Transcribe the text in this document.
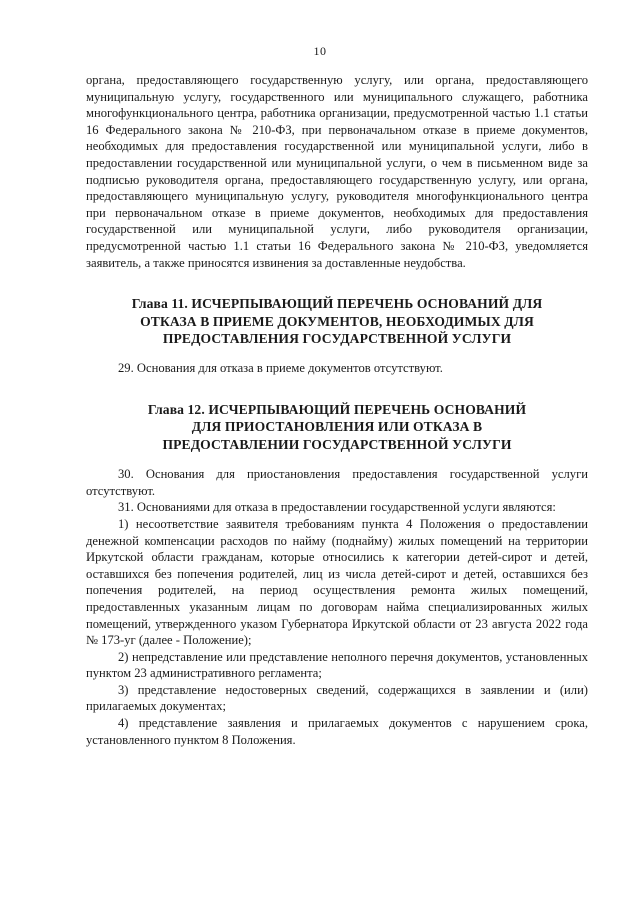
10

органа, предоставляющего государственную услугу, или органа, предоставляющего муниципальную услугу, государственного или муниципального служащего, работника многофункционального центра, работника организации, предусмотренной частью 1.1 статьи 16 Федерального закона № 210-ФЗ, при первоначальном отказе в приеме документов, необходимых для предоставления государственной или муниципальной услуги, либо в предоставлении государственной или муниципальной услуги, о чем в письменном виде за подписью руководителя органа, предоставляющего государственную услугу, или органа, предоставляющего муниципальную услугу, руководителя многофункционального центра при первоначальном отказе в приеме документов, необходимых для предоставления государственной или муниципальной услуги, либо руководителя организации, предусмотренной частью 1.1 статьи 16 Федерального закона № 210-ФЗ, уведомляется заявитель, а также приносятся извинения за доставленные неудобства.

Глава 11. ИСЧЕРПЫВАЮЩИЙ ПЕРЕЧЕНЬ ОСНОВАНИЙ ДЛЯ

ОТКАЗА В ПРИЕМЕ ДОКУМЕНТОВ, НЕОБХОДИМЫХ ДЛЯ

ПРЕДОСТАВЛЕНИЯ ГОСУДАРСТВЕННОЙ УСЛУГИ

29. Основания для отказа в приеме документов отсутствуют.

Глава 12. ИСЧЕРПЫВАЮЩИЙ ПЕРЕЧЕНЬ ОСНОВАНИЙ

ДЛЯ ПРИОСТАНОВЛЕНИЯ ИЛИ ОТКАЗА В

ПРЕДОСТАВЛЕНИИ ГОСУДАРСТВЕННОЙ УСЛУГИ

30. Основания для приостановления предоставления государственной услуги отсутствуют.

31. Основаниями для отказа в предоставлении государственной услуги являются:

1) несоответствие заявителя требованиям пункта 4 Положения о предоставлении денежной компенсации расходов по найму (поднайму) жилых помещений на территории Иркутской области гражданам, которые относились к категории детей-сирот и детей, оставшихся без попечения родителей, лиц из числа детей-сирот и детей, оставшихся без попечения родителей, на период осуществления ремонта жилых помещений, предоставленных указанным лицам по договорам найма специализированных жилых помещений, утвержденного указом Губернатора Иркутской области от 23 августа 2022 года № 173-уг (далее - Положение);

2) непредставление или представление неполного перечня документов, установленных пунктом 23 административного регламента;

3) представление недостоверных сведений, содержащихся в заявлении и (или) прилагаемых документах;

4) представление заявления и прилагаемых документов с нарушением срока, установленного пунктом 8 Положения.
